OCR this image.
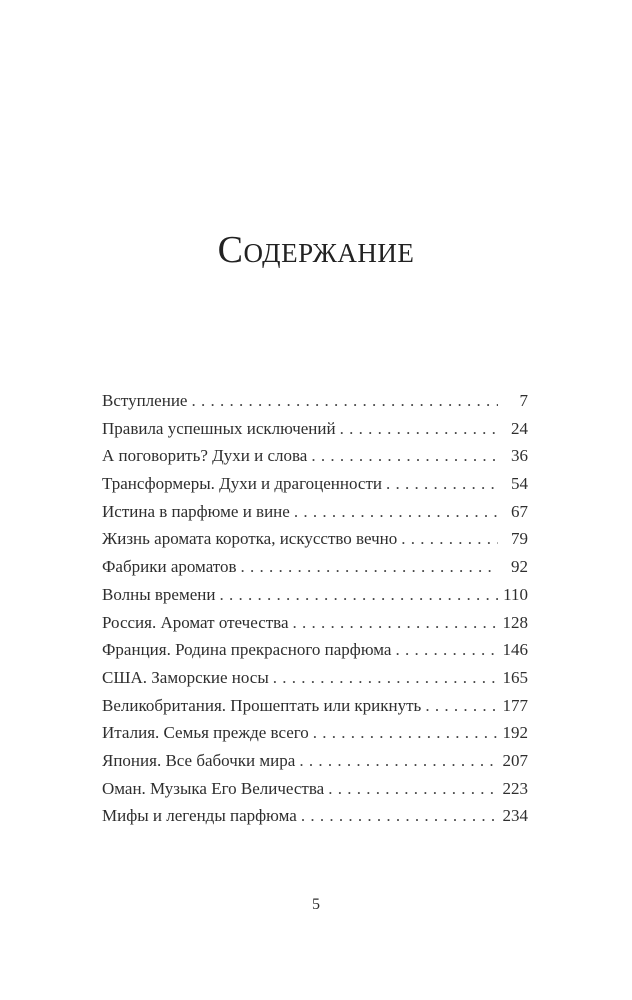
Содержание
Вступление . . .	7
Правила успешных исключений . . .	24
А поговорить? Духи и слова . . .	36
Трансформеры. Духи и драгоценности . . .	54
Истина в парфюме и вине . . .	67
Жизнь аромата коротка, искусство вечно . . .	79
Фабрики ароматов . . .	92
Волны времени . . .	110
Россия. Аромат отечества . . .	128
Франция. Родина прекрасного парфюма . . .	146
США. Заморские носы . . .	165
Великобритания. Прошептать или крикнуть . . .	177
Италия. Семья прежде всего . . .	192
Япония. Все бабочки мира . . .	207
Оман. Музыка Его Величества . . .	223
Мифы и легенды парфюма . . .	234
5
